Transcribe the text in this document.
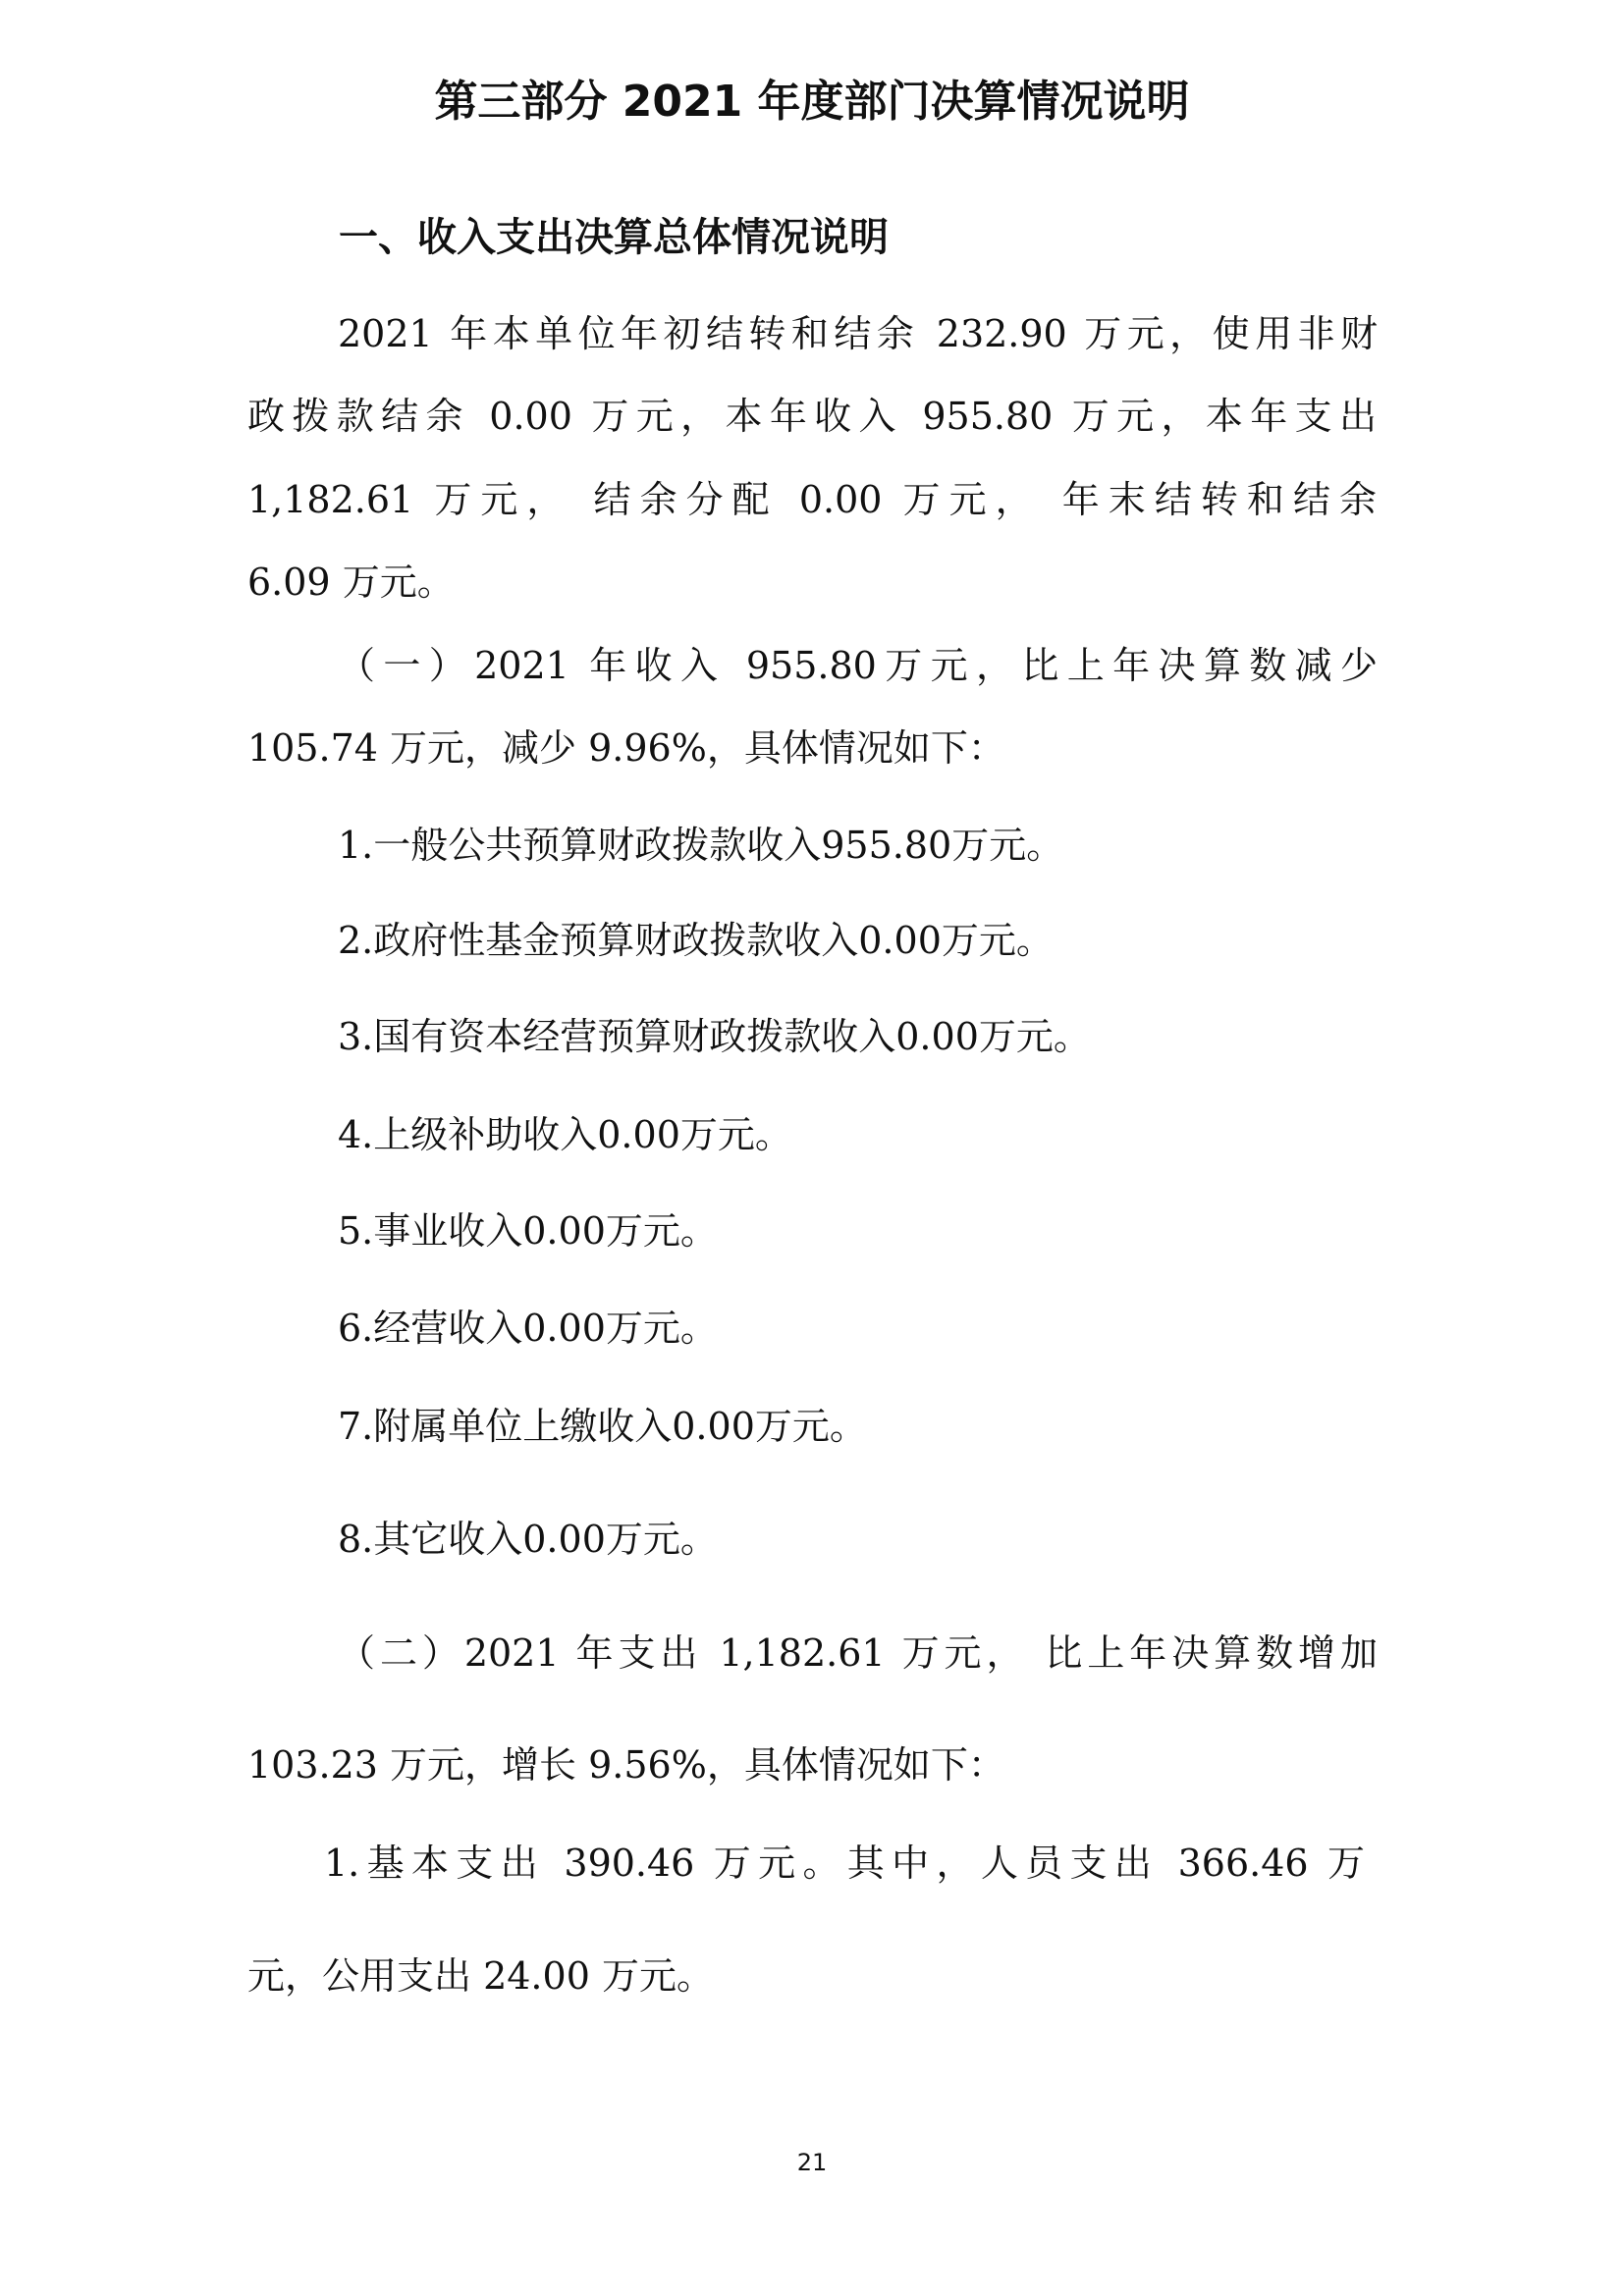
第三部分 2021 年度部门决算情况说明
一、收入支出决算总体情况说明
2021 年本单位年初结转和结余 232.90 万元，使用非财
政拨款结余 0.00 万元，本年收入 955.80 万元，本年支出
1,182.61 万元， 结余分配 0.00 万元， 年末结转和结余
6.09 万元。
（一）2021 年收入 955.80万元，比上年决算数减少
105.74 万元，减少 9.96%，具体情况如下：
1.一般公共预算财政拨款收入955.80万元。
2.政府性基金预算财政拨款收入0.00万元。
3.国有资本经营预算财政拨款收入0.00万元。
4.上级补助收入0.00万元。
5.事业收入0.00万元。
6.经营收入0.00万元。
7.附属单位上缴收入0.00万元。
8.其它收入0.00万元。
（二）2021 年支出 1,182.61 万元， 比上年决算数增加
103.23 万元，增长 9.56%，具体情况如下：
1.基本支出 390.46 万元。其中，人员支出 366.46 万
元，公用支出 24.00 万元。
21
